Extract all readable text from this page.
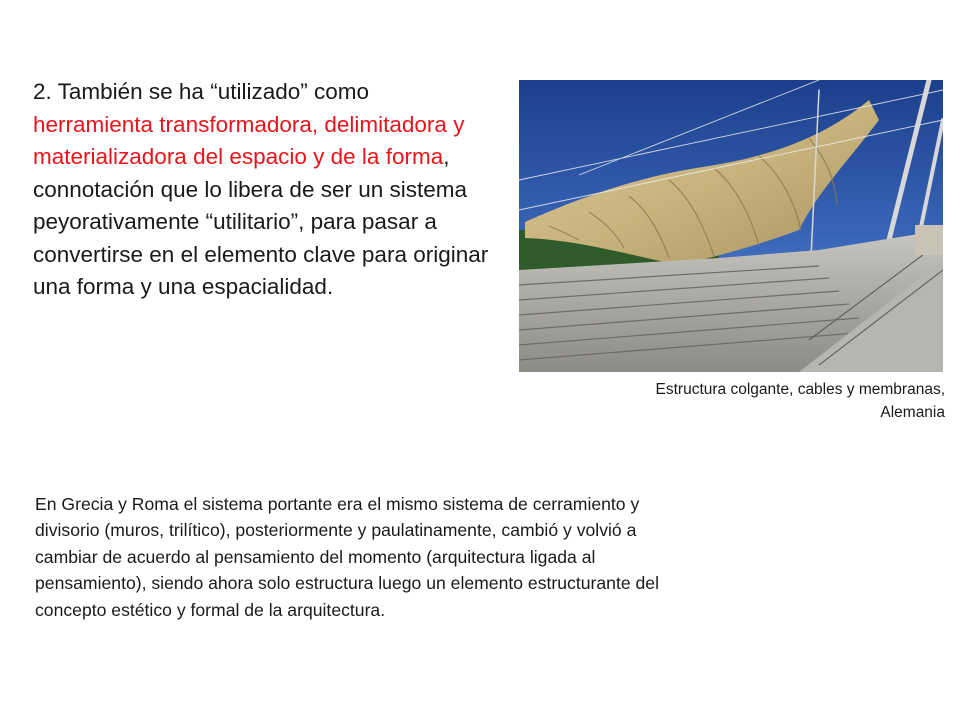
2. También se ha “utilizado” como herramienta transformadora, delimitadora y materializadora del espacio y de la forma, connotación que lo libera de ser un sistema peyorativamente “utilitario”, para pasar a convertirse en el elemento clave para originar una forma y una espacialidad.

Estructura colgante, cables y membranas,
Alemania

En Grecia y Roma el sistema portante era el mismo sistema de cerramiento y
divisorio (muros, trilítico), posteriormente y paulatinamente, cambió y volvió a
cambiar de acuerdo al pensamiento del momento (arquitectura ligada al
pensamiento), siendo ahora solo estructura luego un elemento estructurante del
concepto estético y formal de la arquitectura.
